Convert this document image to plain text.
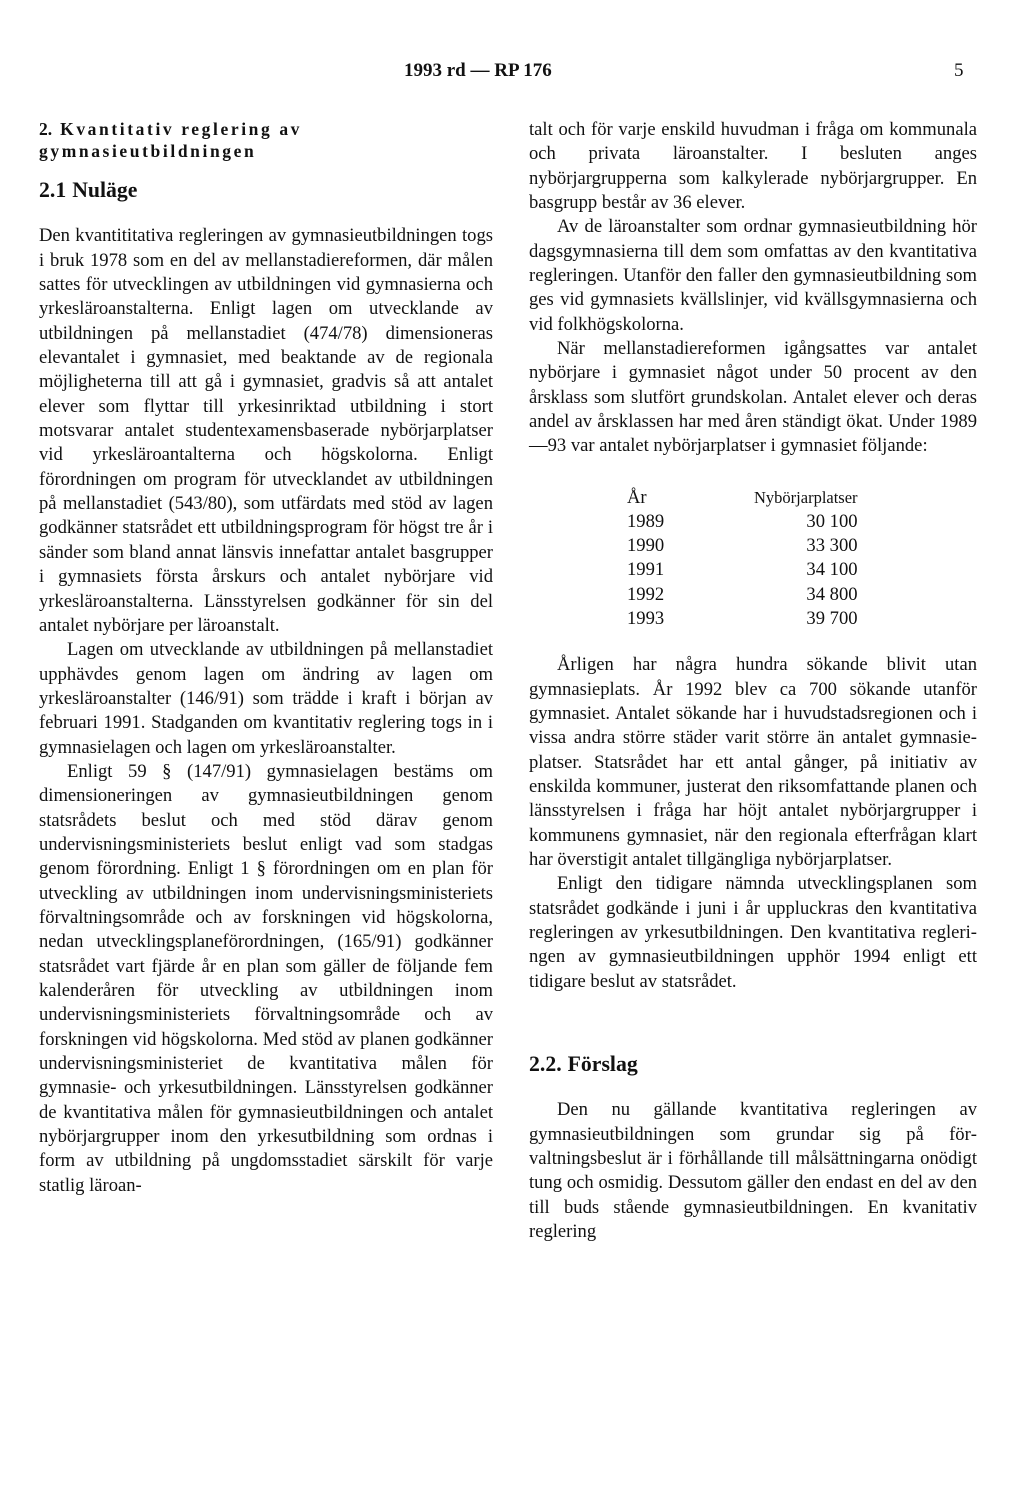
1993 rd — RP 176	5
2. Kvantitativ reglering av gymnasieutbildningen
2.1 Nuläge

Den kvantititativa regleringen av gymnasieutbildningen togs i bruk 1978 som en del av mellanstadiereformen, där målen sattes för utvecklingen av utbildningen vid gymnasierna och yrkesläroanstalterna. Enligt lagen om utvecklande av utbildningen på mellanstadiet (474/78) dimensioneras elevantalet i gymnasiet, med beaktande av de regionala möjligheterna till att gå i gymnasiet, gradvis så att antalet elever som flyttar till yrkesinriktad utbildning i stort motsvarar antalet studentexamensbaserade nybörjarplatser vid yrkesläroantalterna och högskolorna. Enligt förordningen om program för utvecklandet av utbildningen på mellanstadiet (543/80), som utfärdats med stöd av lagen godkänner statsrådet ett utbildningsprogram för högst tre år i sänder som bland annat länsvis innefattar antalet basgrupper i gymnasiets första årskurs och antalet nybörjare vid yrkesläroanstalterna. Länsstyrelsen godkänner för sin del antalet nybörjare per läroanstalt.

Lagen om utvecklande av utbildningen på mellanstadiet upphävdes genom lagen om ändring av lagen om yrkesläroanstalter (146/91) som trädde i kraft i början av februari 1991. Stadganden om kvantitativ reglering togs in i gymnasielagen och lagen om yrkesläroanstalter.

Enligt 59 § (147/91) gymnasielagen bestäms om dimensioneringen av gymnasieutbildningen genom statsrådets beslut och med stöd därav genom undervisningsministeriets beslut enligt vad som stadgas genom förordning. Enligt 1 § förordningen om en plan för utveckling av utbildningen inom undervisningsministeriets förvaltningsområde och av forskningen vid högskolorna, nedan utvecklingsplaneförordningen, (165/91) godkänner statsrådet vart fjärde år en plan som gäller de följande fem kalenderåren för utveckling av utbildningen inom undervisningsministeriets förvaltningsområde och av forskningen vid högskolorna. Med stöd av planen godkänner undervisningsministeriet de kvantitativa målen för gymnasie- och yrkesutbildningen. Länsstyrelsen godkänner de kvantitativa målen för gymnasieutbildningen och antalet nybörjargrupper inom den yrkesutbildning som ordnas i form av utbildning på ungdomsstadiet särskilt för varje statlig läroan-

talt och för varje enskild huvudman i fråga om kommunala och privata läroanstalter. I besluten anges nybörjargrupperna som kalkylerade nybörjargrupper. En basgrupp består av 36 elever.

Av de läroanstalter som ordnar gymnasieutbildning hör dagsgymnasierna till dem som omfattas av den kvantitativa regleringen. Utanför den faller den gymnasieutbildning som ges vid gymnasiets kvällslinjer, vid kvällsgymnasierna och vid folkhögskolorna.

När mellanstadiereformen igångsattes var antalet nybörjare i gymnasiet något under 50 procent av den årsklass som slutfört grundskolan. Antalet elever och deras andel av årsklassen har med åren ständigt ökat. Under 1989—93 var antalet nybörjarplatser i gymnasiet följande:

År	Nybörjarplatser
1989	30 100
1990	33 300
1991	34 100
1992	34 800
1993	39 700

Årligen har några hundra sökande blivit utan gymnasieplats. År 1992 blev ca 700 sökande utanför gymnasiet. Antalet sökande har i huvudstadsregionen och i vissa andra större städer varit större än antalet gymnasieplatser. Statsrådet har ett antal gånger, på initiativ av enskilda kommuner, justerat den riksomfattande planen och länsstyrelsen i fråga har höjt antalet nybörjargrupper i kommunens gymnasiet, när den regionala efterfrågan klart har överstigit antalet tillgängliga nybörjarplatser.

Enligt den tidigare nämnda utvecklingsplanen som statsrådet godkände i juni i år uppluckras den kvantitativa regleringen av yrkesutbildningen. Den kvantitativa regleringen av gymnasieutbildningen upphör 1994 enligt ett tidigare beslut av statsrådet.

2.2. Förslag

Den nu gällande kvantitativa regleringen av gymnasieutbildningen som grundar sig på förvaltningsbeslut är i förhållande till målsättningarna onödigt tung och osmidig. Dessutom gäller den endast en del av den till buds stående gymnasieutbildningen. En kvanitativ reglering
